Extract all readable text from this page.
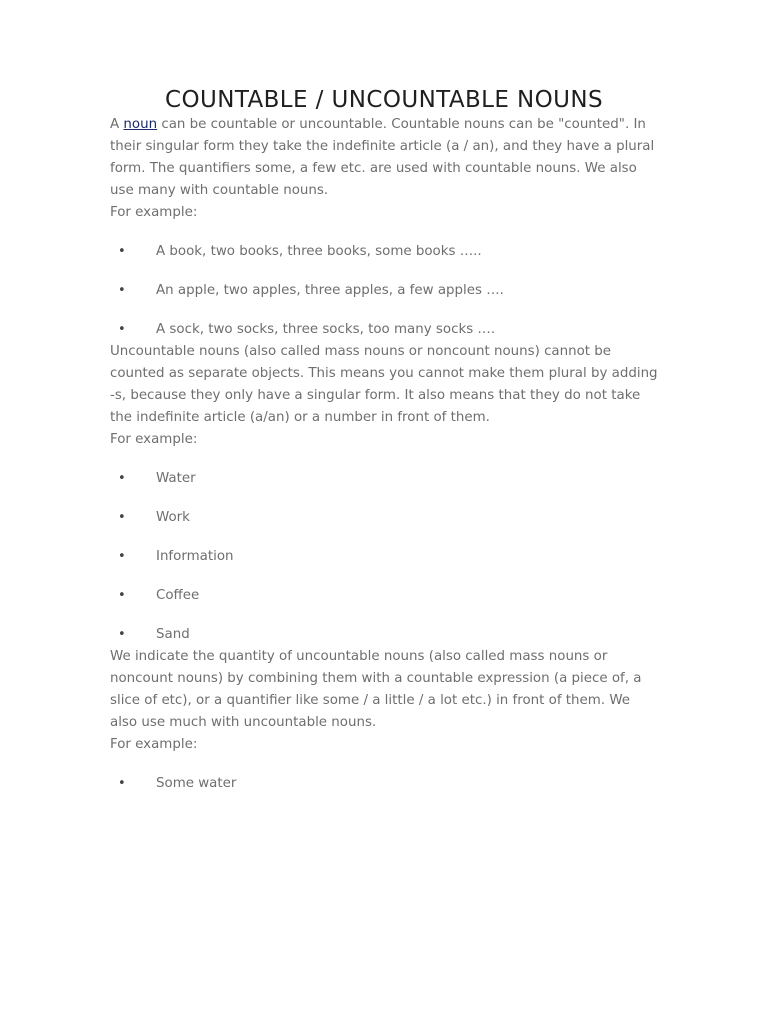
COUNTABLE / UNCOUNTABLE NOUNS

A noun can be countable or uncountable. Countable nouns can be "counted". In their singular form they take the indefinite article (a / an), and they have a plural form. The quantifiers some, a few etc. are used with countable nouns. We also use many with countable nouns.

For example:

• A book, two books, three books, some books …..
• An apple, two apples, three apples, a few apples ….
• A sock, two socks, three socks, too many socks ….

Uncountable nouns (also called mass nouns or noncount nouns) cannot be counted as separate objects. This means you cannot make them plural by adding -s, because they only have a singular form. It also means that they do not take the indefinite article (a/an) or a number in front of them.

For example:

• Water
• Work
• Information
• Coffee
• Sand

We indicate the quantity of uncountable nouns (also called mass nouns or noncount nouns) by combining them with a countable expression (a piece of, a slice of etc), or a quantifier like some / a little / a lot etc.) in front of them. We also use much with uncountable nouns.

For example:

• Some water
